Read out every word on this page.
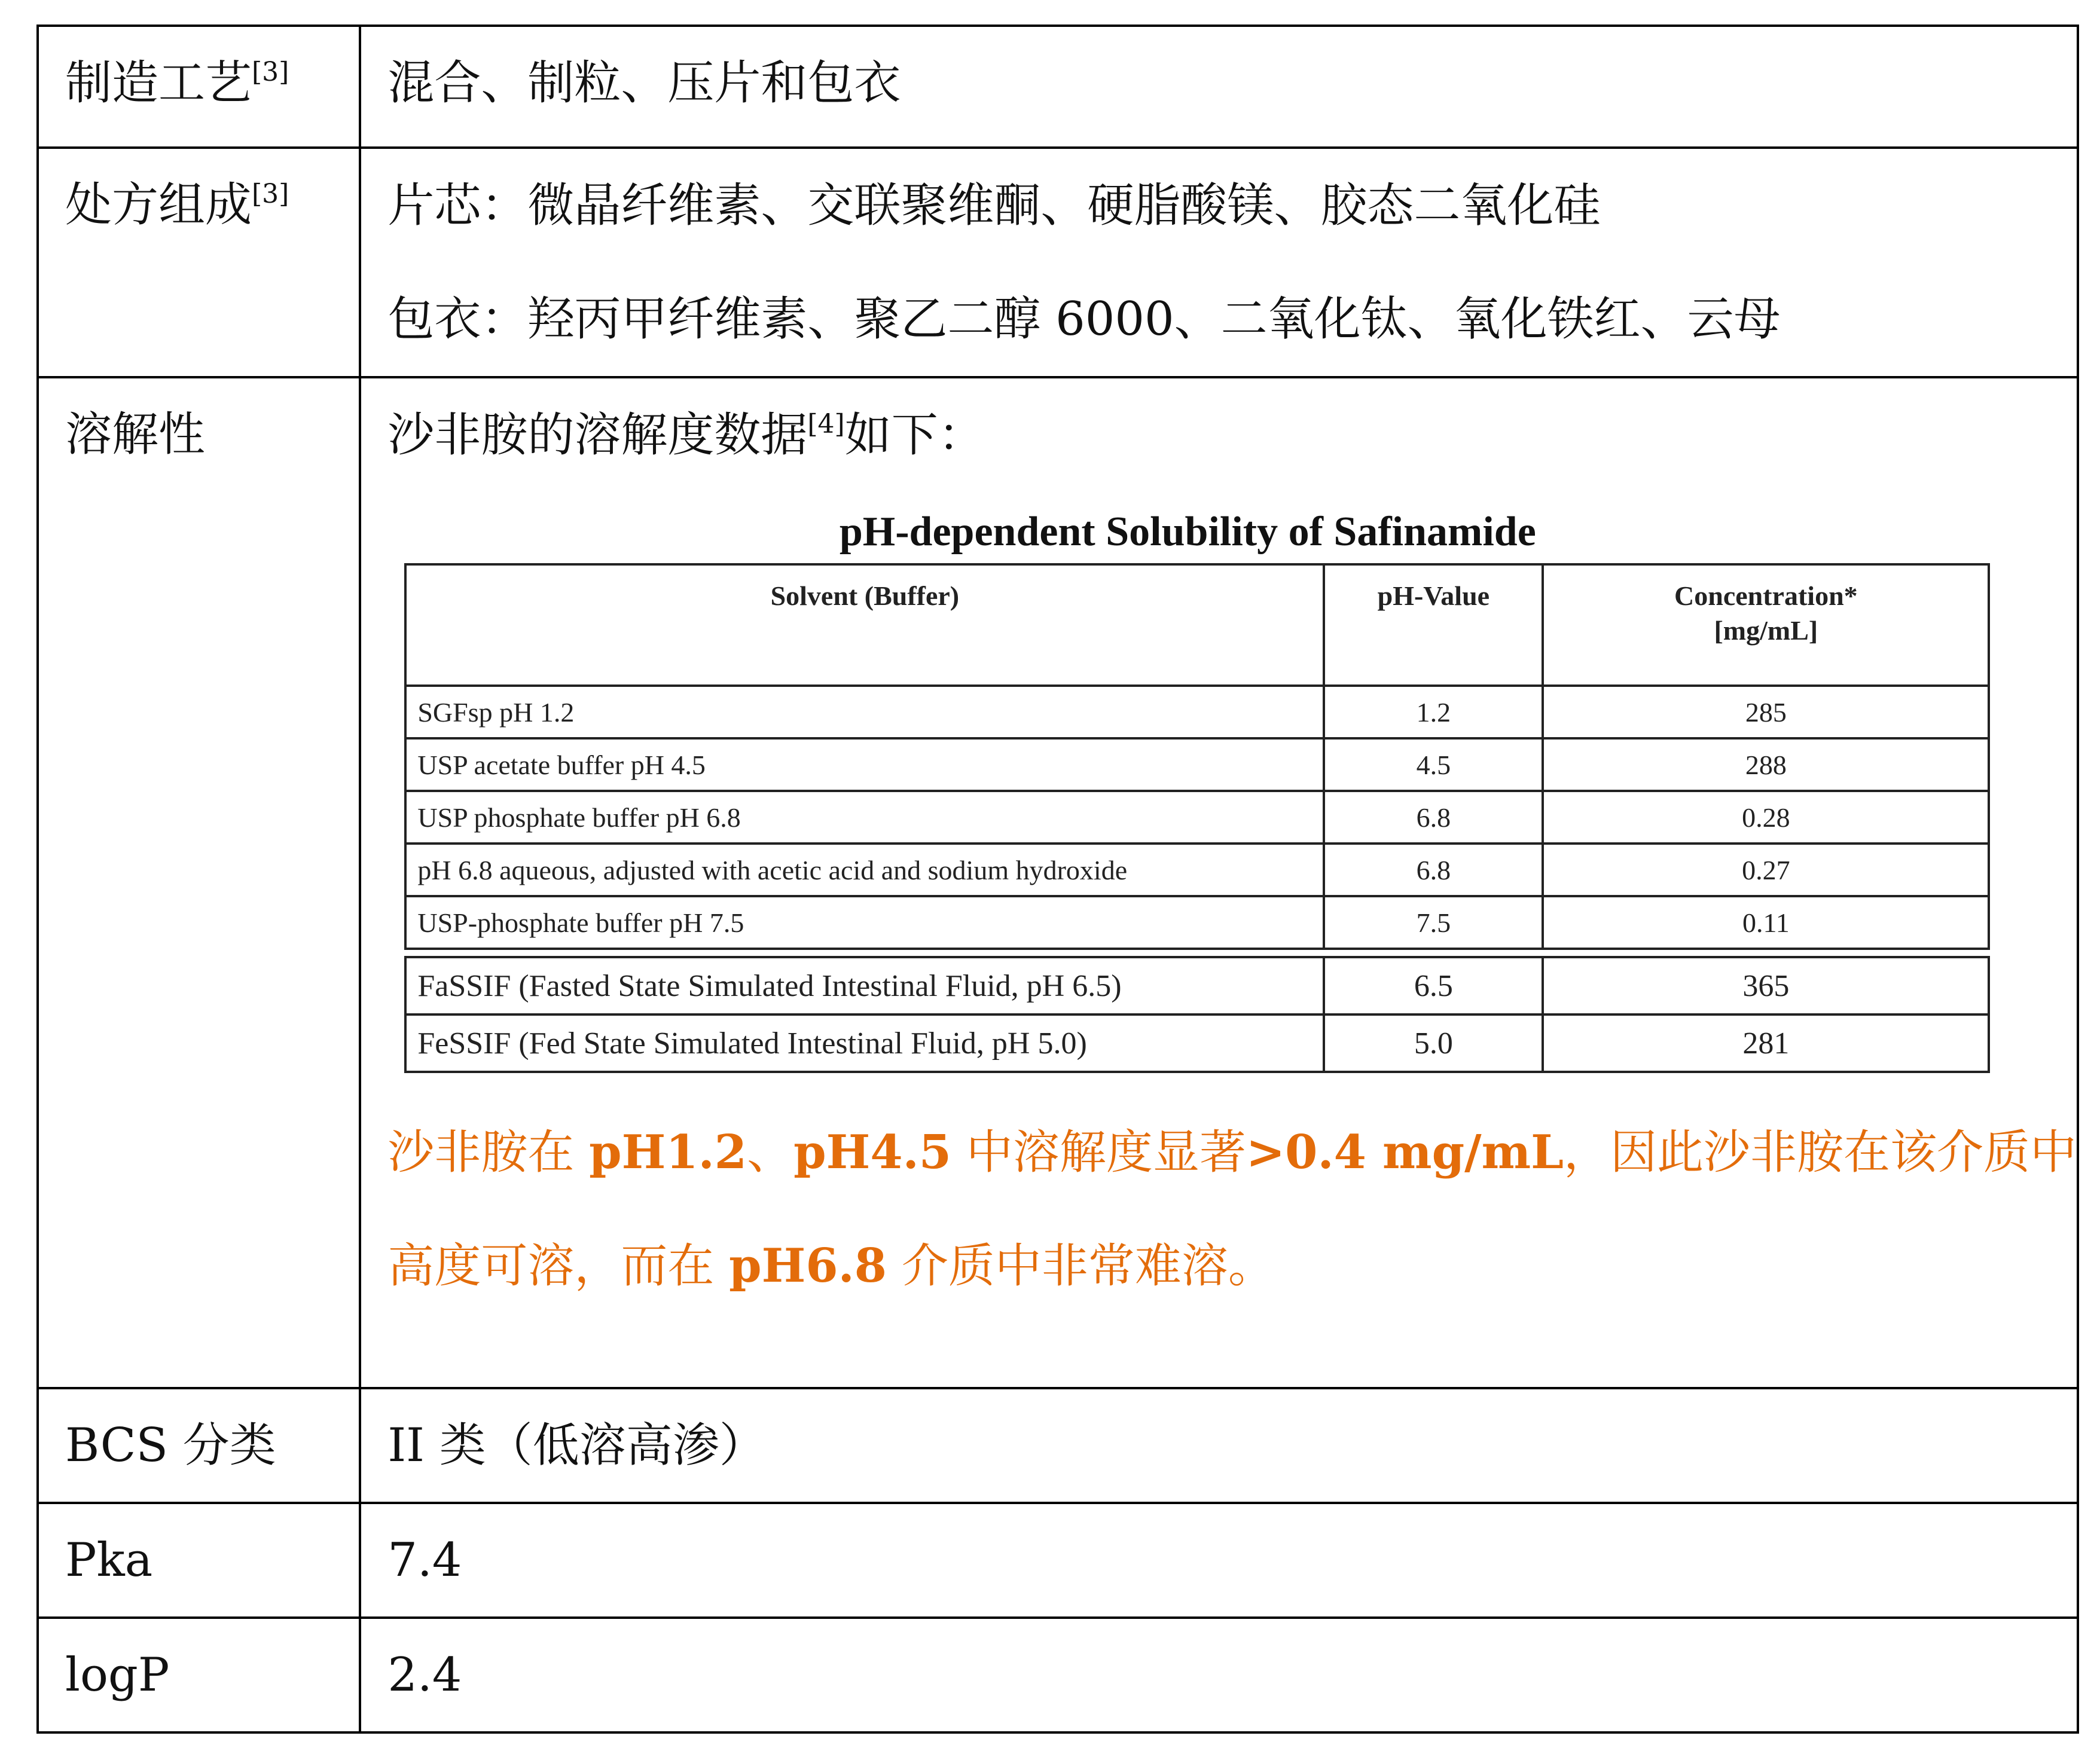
制造工艺[3]	混合、制粒、压片和包衣

处方组成[3]	片芯：微晶纤维素、交联聚维酮、硬脂酸镁、胶态二氧化硅
包衣：羟丙甲纤维素、聚乙二醇 6000、二氧化钛、氧化铁红、云母

溶解性	沙非胺的溶解度数据[4]如下：
pH-dependent Solubility of Safinamide
Solvent (Buffer)	pH-Value	Concentration*
[mg/mL]
SGFsp pH 1.2	1.2	285
USP acetate buffer pH 4.5	4.5	288
USP phosphate buffer pH 6.8	6.8	0.28
pH 6.8 aqueous, adjusted with acetic acid and sodium hydroxide	6.8	0.27
USP-phosphate buffer pH 7.5	7.5	0.11

FaSSIF (Fasted State Simulated Intestinal Fluid, pH 6.5)	6.5	365
FeSSIF (Fed State Simulated Intestinal Fluid, pH 5.0)	5.0	281
沙非胺在 pH1.2、pH4.5 中溶解度显著>0.4 mg/mL，因此沙非胺在该介质中
高度可溶，而在 pH6.8 介质中非常难溶。

BCS 分类	II 类（低溶高渗）

Pka	7.4

logP	2.4
